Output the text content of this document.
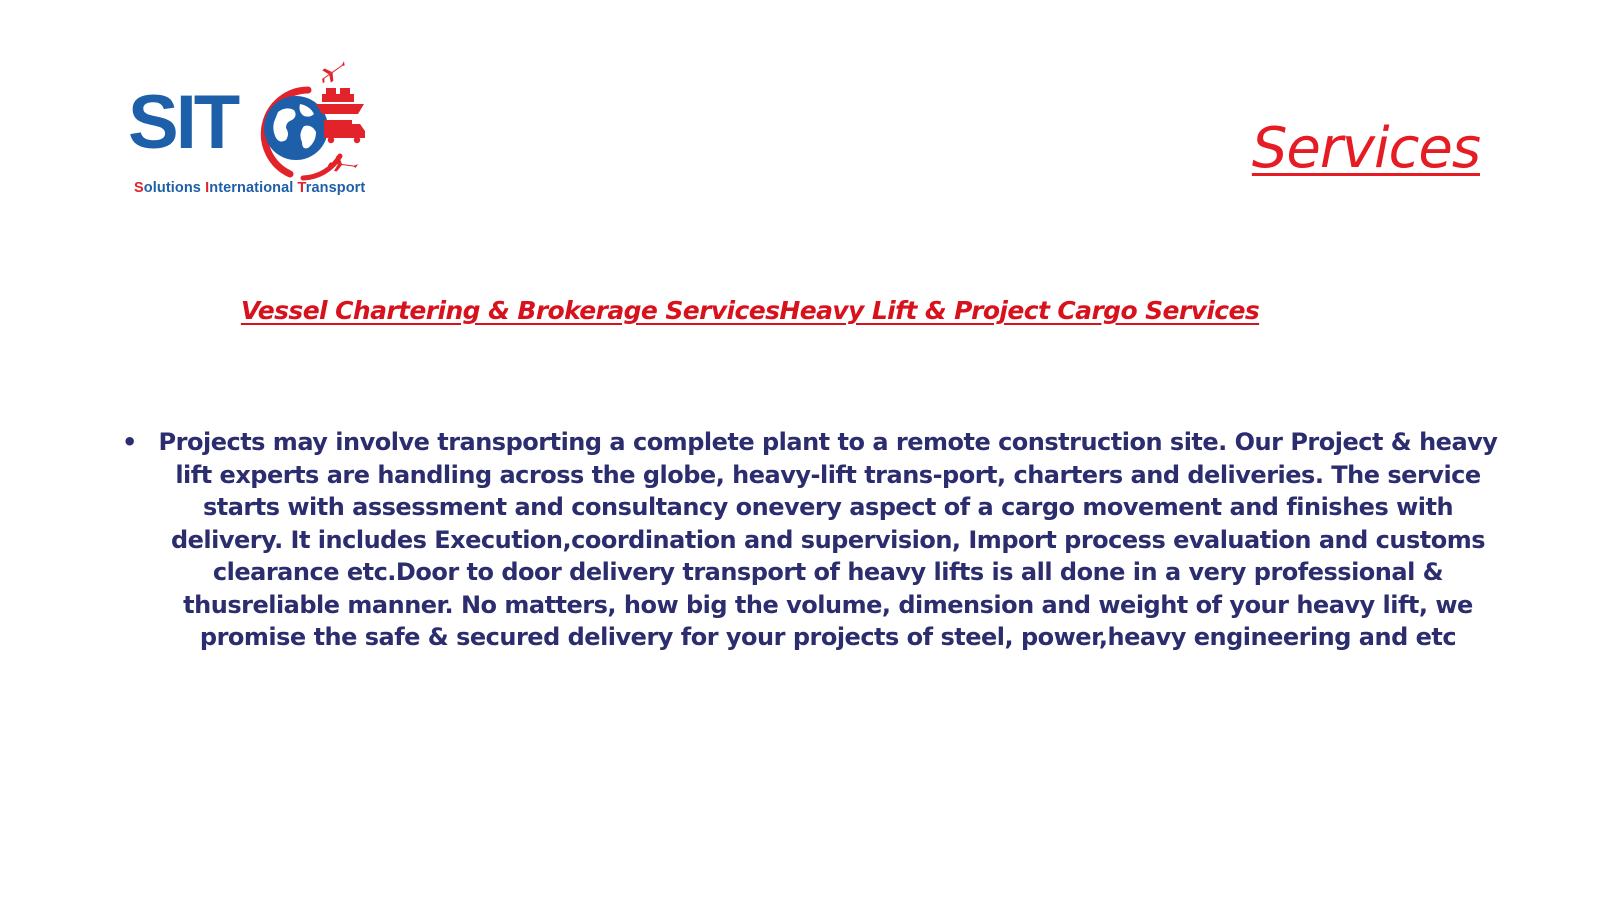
SIT
Solutions International Transport
Services
Vessel Chartering & Brokerage ServicesHeavy Lift & Project Cargo Services
• Projects may involve transporting a complete plant to a remote construction site. Our Project & heavy lift experts are handling across the globe, heavy-lift trans-port, charters and deliveries. The service starts with assessment and consultancy onevery aspect of a cargo movement and finishes with delivery. It includes Execution,coordination and supervision, Import process evaluation and customs clearance etc.Door to door delivery transport of heavy lifts is all done in a very professional & thusreliable manner. No matters, how big the volume, dimension and weight of your heavy lift, we promise the safe & secured delivery for your projects of steel, power,heavy engineering and etc
